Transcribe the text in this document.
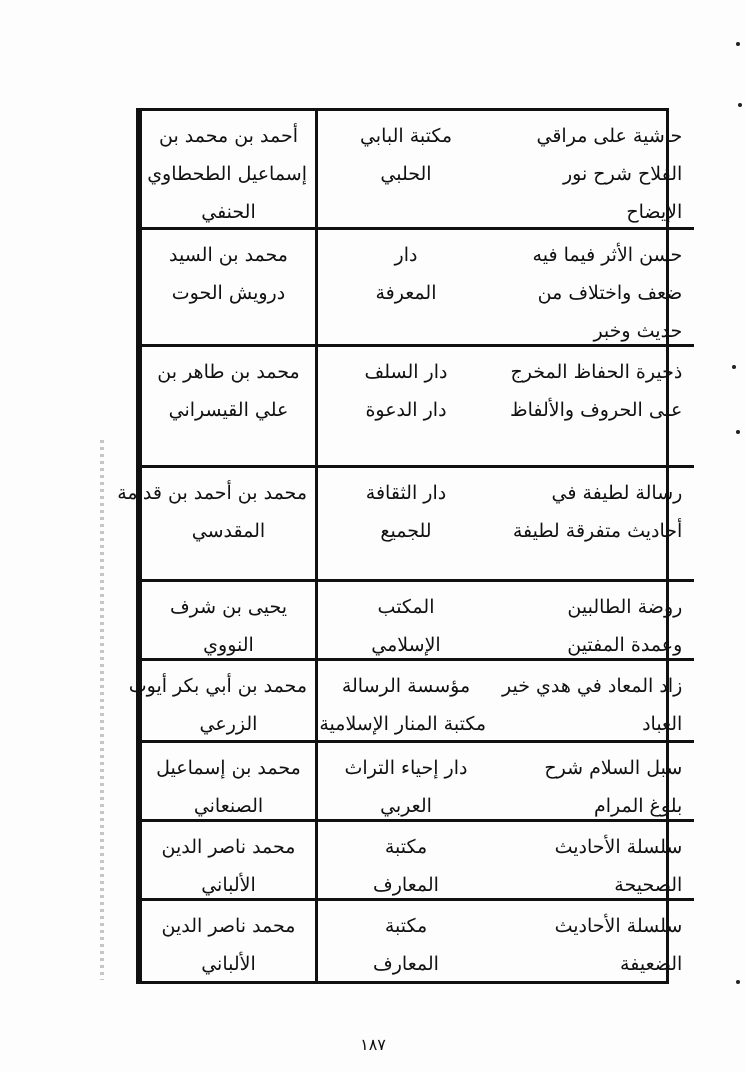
أحمد بن محمد بن
إسماعيل الطحطاوي
الحنفي
مكتبة البابي
الحلبي
حاشية على مراقي
الفلاح شرح نور
الإيضاح
محمد بن السيد
درويش الحوت
دار
المعرفة
حسن الأثر فيما فيه
ضعف واختلاف من
حديث وخبر
محمد بن طاهر بن
علي القيسراني
دار السلف
دار الدعوة
ذخيرة الحفاظ المخرج
على الحروف والألفاظ
محمد بن أحمد بن قدامة
المقدسي
دار الثقافة
للجميع
رسالة لطيفة في
أحاديث متفرقة لطيفة
يحيى بن شرف
النووي
المكتب
الإسلامي
روضة الطالبين
وعمدة المفتين
محمد بن أبي بكر أيوب
الزرعي
مؤسسة الرسالة
مكتبة المنار الإسلامية
زاد المعاد في هدي خير
العباد
محمد بن إسماعيل
الصنعاني
دار إحياء التراث
العربي
سبل السلام شرح
بلوغ المرام
محمد ناصر الدين
الألباني
مكتبة
المعارف
سلسلة الأحاديث
الصحيحة
محمد ناصر الدين
الألباني
مكتبة
المعارف
سلسلة الأحاديث
الضعيفة
١٨٧
